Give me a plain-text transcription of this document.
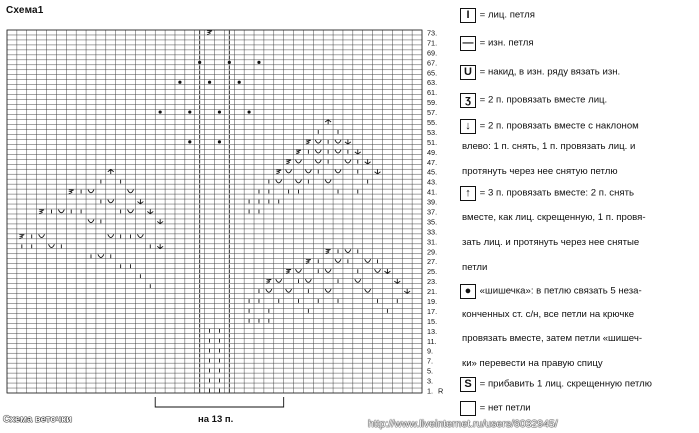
Схема1
73.
71.
69.
67.
65.
63.
61.
59.
57.
55.
53.
51.
49.
47.
45.
43.
41.
39.
37.
35.
33.
31.
29.
27.
25.
23.
21.
19.
17.
15.
13.
11.
9.
7.
5.
3.
1. R
I = лиц. петля
— = изн. петля
U = накид, в изн. ряду вязать изн.
ʒ = 2 п. провязать вместе лиц.
↓ = 2 п. провязать вместе с наклоном
влево: 1 п. снять, 1 п. провязать лиц. и
протянуть через нее снятую петлю
↑ = 3 п. провязать вместе: 2 п. снять
вместе, как лиц. скрещенную, 1 п. провя-
зать лиц. и протянуть через нее снятые
петли
● «шишечка»: в петлю связать 5 неза-
конченных ст. с/н, все петли на крючке
провязать вместе, затем петли «шишеч-
ки» перевести на правую спицу
S = прибавить 1 лиц. скрещенную петлю
= нет петли
Схема веточки	на 13 п.	http://www.liveinternet.ru/users/6032945/
